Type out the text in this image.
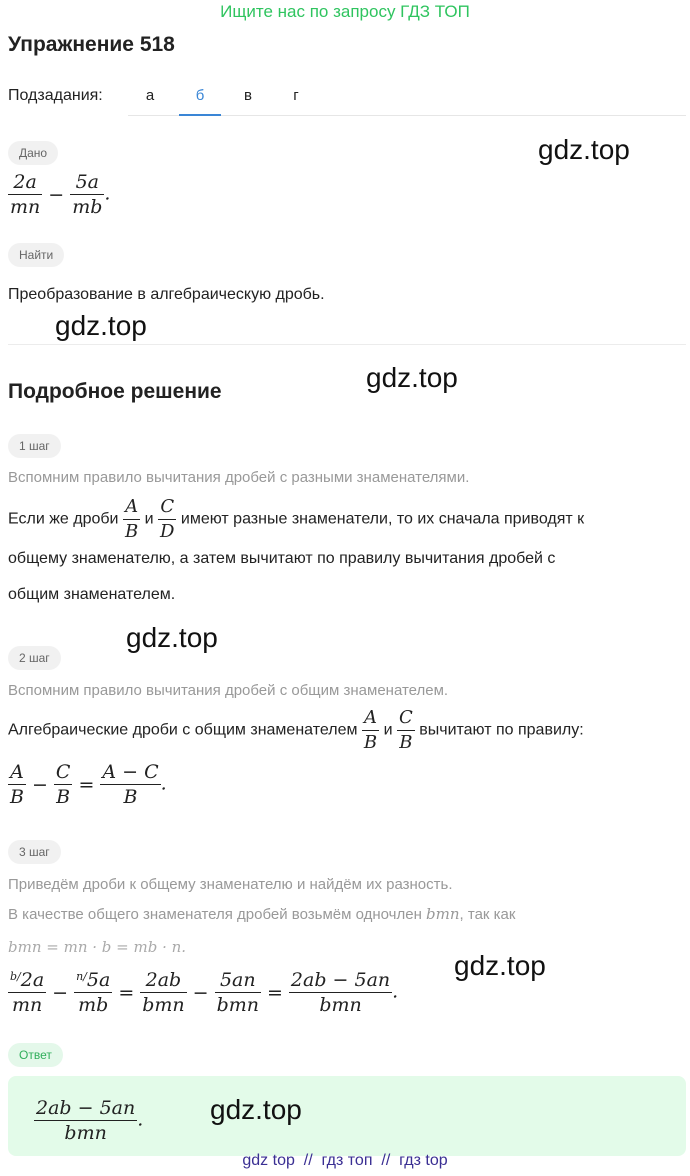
Ищите нас по запросу ГДЗ ТОП
Упражнение 518
Подзадания:	а	б	в	г
Дано
$\frac{2a}{mn} - \frac{5a}{mb}$ .
Найти
Преобразование в алгебраическую дробь.
Подробное решение
1 шаг
Вспомним правило вычитания дробей с разными знаменателями.
Если же дроби $\frac{A}{B}$ и $\frac{C}{D}$ имеют разные знаменатели, то их сначала приводят к
общему знаменателю, а затем вычитают по правилу вычитания дробей с
общим знаменателем.
2 шаг
Вспомним правило вычитания дробей с общим знаменателем.
Алгебраические дроби с общим знаменателем $\frac{A}{B}$ и $\frac{C}{B}$ вычитают по правилу:
$\frac{A}{B} - \frac{C}{B} = \frac{A - C}{B}$ .
3 шаг
Приведём дроби к общему знаменателю и найдём их разность.
В качестве общего знаменателя дробей возьмём одночлен bmn, так как
bmn = mn · b = mb · n.
$\frac{^{b/}2a}{mn} - \frac{^{n/}5a}{mb} = \frac{2ab}{\text{bmn}} - \frac{5an}{\text{bmn}} = \frac{2ab - 5an}{\text{bmn}}$ .
Ответ
$\frac{2ab - 5an}{\text{bmn}}$ .
gdz.top
gdz.top
gdz.top
gdz.top
gdz.top
gdz.top
gdz top  //  гдз топ  //  гдз top
